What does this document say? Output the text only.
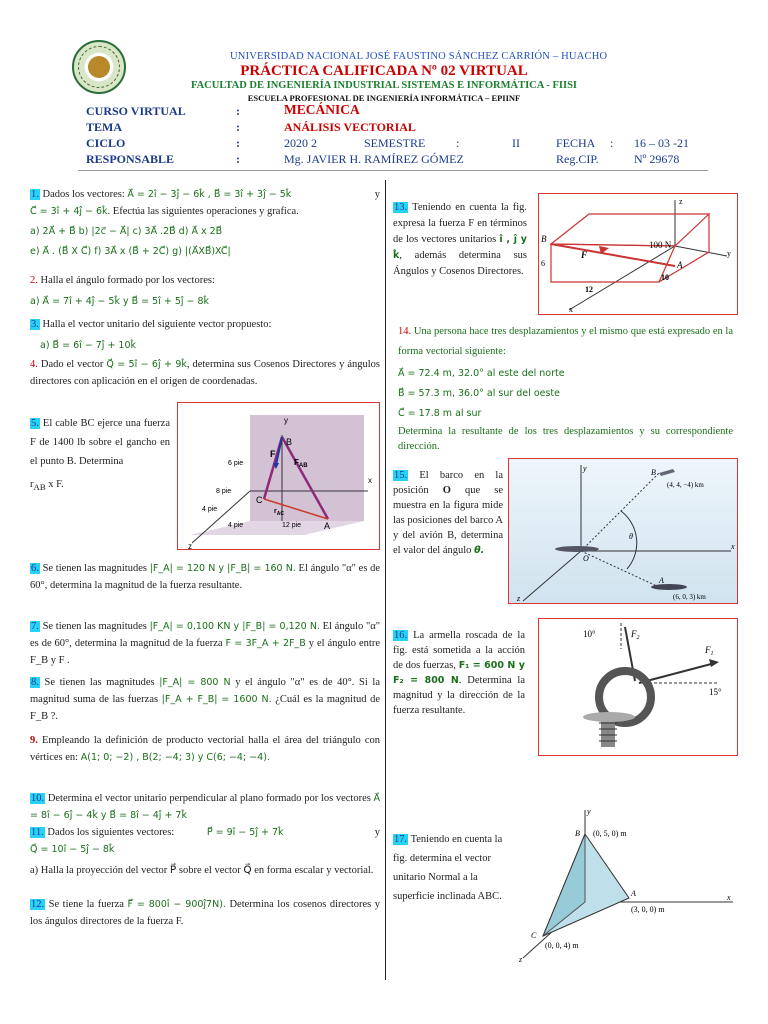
UNIVERSIDAD NACIONAL JOSÉ FAUSTINO SÁNCHEZ CARRIÓN – HUACHO
PRÁCTICA CALIFICADA Nº 02 VIRTUAL
FACULTAD DE INGENIERÍA INDUSTRIAL SISTEMAS E INFORMÁTICA - FIISI
ESCUELA PROFESIONAL DE INGENIERÍA INFORMÁTICA – EPIINF
CURSO VIRTUAL	:	MECÁNICA
TEMA	:	ANÁLISIS VECTORIAL
CICLO	:	2020 2	SEMESTRE	:	II	FECHA : 16 – 03 -21
RESPONSABLE	:	Mg. JAVIER H. RAMÍREZ GÓMEZ	Reg.CIP.	Nº 29678
1. Dados los vectores: A⃗ = 2î − 3ĵ − 6k̂ , B⃗ = 3î + 3ĵ − 5k̂	y
C⃗ = 3î + 4ĵ − 6k̂. Efectúa las siguientes operaciones y grafica.
a) 2A⃗ + B⃗ b) |2c⃗ − A⃗| c) 3A⃗ .2B⃗ d) A⃗ x 2B⃗
e) A⃗ . (B⃗ X C⃗) f) 3A⃗ x (B⃗ + 2C⃗) g) |(A⃗XB⃗)XC⃗|
2. Halla el ángulo formado por los vectores:
a) A⃗ = 7î + 4ĵ − 5k̂ y B⃗ = 5î + 5ĵ − 8k̂
3. Halla el vector unitario del siguiente vector propuesto:
a) B⃗ = 6î − 7ĵ + 10k̂
4. Dado el vector Q⃗ = 5î − 6ĵ + 9k̂, determina sus Cosenos Directores y ángulos directores con aplicación en el origen de coordenadas.
5. El cable BC ejerce una fuerza F de 1400 lb sobre el gancho en el punto B. Determina
$r_{AB}$ x F.
B
F
$F_{AB}$
C
A
$r_{AC}$
x
y
z
6 pie
8 pie
4 pie
4 pie	12 pie
6. Se tienen las magnitudes |F_A| = 120 N y |F_B| = 160 N. El ángulo "α" es de 60°, determina la magnitud de la fuerza resultante.
7. Se tienen las magnitudes |F_A| = 0,100 KN y |F_B| = 0,120 N. El ángulo "α" es de 60°, determina la magnitud de la fuerza F = 3F_A + 2F_B y el ángulo entre F_B y F .
8. Se tienen las magnitudes |F_A| = 800 N y el ángulo "α" es de 40°. Si la magnitud suma de las fuerzas |F_A + F_B| = 1600 N. ¿Cuál es la magnitud de F_B ?.
9. Empleando la definición de producto vectorial halla el área del triángulo con vértices en: A(1; 0; −2) , B(2; −4; 3) y C(6; −4; −4).
10. Determina el vector unitario perpendicular al plano formado por los vectores A⃗ = 8î − 6ĵ − 4k̂ y B⃗ = 8î − 4ĵ + 7k̂
11. Dados los siguientes vectores:	P⃗ = 9î − 5ĵ + 7k̂	y
Q⃗ = 10î − 5ĵ − 8k̂
a) Halla la proyección del vector P⃗ sobre el vector Q⃗ en forma escalar y vectorial.
12. Se tiene la fuerza F⃗ = 800î − 900ĵ7N). Determina los cosenos directores y los ángulos directores de la fuerza F.
13. Teniendo en cuenta la fig. expresa la fuerza F en términos de los vectores unitarios î , ĵ y k̂, además determina sus Ángulos y Cosenos Directores.
z
B
F
100 N
A
6
10
12
x
y
14. Una persona hace tres desplazamientos y el mismo que está expresado en la forma vectorial siguiente:
A⃗ = 72.4 m, 32.0° al este del norte
B⃗ = 57.3 m, 36.0° al sur del oeste
C⃗ = 17.8 m al sur
Determina la resultante de los tres desplazamientos y su correspondiente dirección.
15. El barco en la posición O que se muestra en la figura mide las posiciones del barco A y del avión B, determina el valor del ángulo θ.
y	B
(4, 4, −4) km
O
θ
A
(6, 0, 3) km
x
z
16. La armella roscada de la fig. está sometida a la acción de dos fuerzas, F₁ = 600 N y F₂ = 800 N. Determina la magnitud y la dirección de la fuerza resultante.
10°	$F_2$
$F_1$
15°
17. Teniendo en cuenta la fig. determina el vector unitario Normal a la superficie inclinada ABC.
y
B (0, 5, 0) m
A
(3, 0, 0) m
C
(0, 0, 4) m
x
z
